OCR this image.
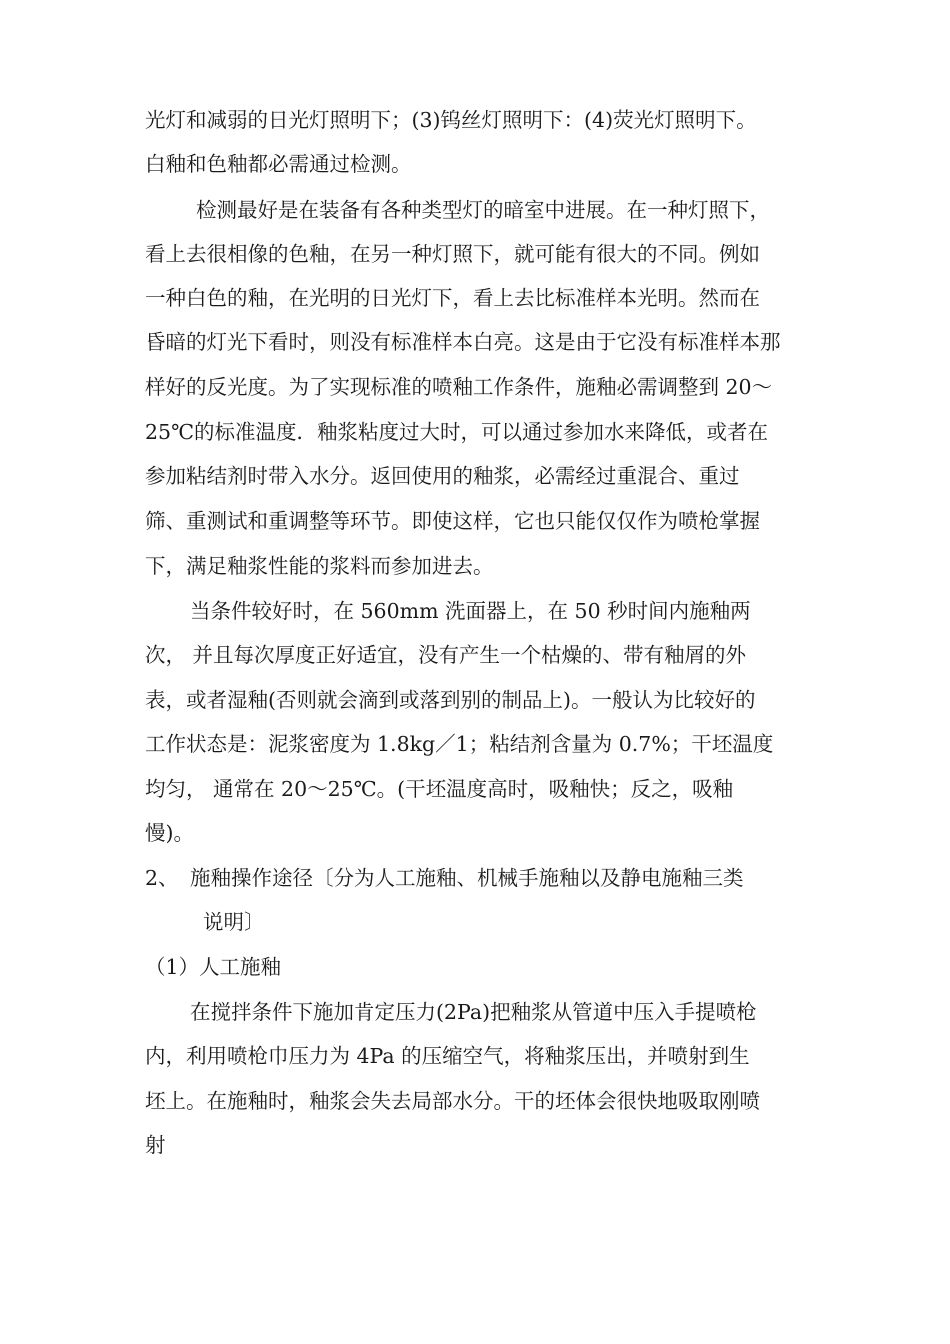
光灯和减弱的日光灯照明下；(3)钨丝灯照明下：(4)荧光灯照明下。
白釉和色釉都必需通过检测。
检测最好是在装备有各种类型灯的暗室中进展。在一种灯照下，
看上去很相像的色釉，在另一种灯照下，就可能有很大的不同。例如
一种白色的釉，在光明的日光灯下，看上去比标准样本光明。然而在
昏暗的灯光下看时，则没有标准样本白亮。这是由于它没有标准样本那
样好的反光度。为了实现标准的喷釉工作条件，施釉必需调整到 20～
25℃的标准温度．釉浆粘度过大时，可以通过参加水来降低，或者在
参加粘结剂时带入水分。返回使用的釉浆，必需经过重混合、重过
筛、重测试和重调整等环节。即使这样，它也只能仅仅作为喷枪掌握
下，满足釉浆性能的浆料而参加进去。
当条件较好时，在 560mm 洗面器上，在 50 秒时间内施釉两
次， 并且每次厚度正好适宜，没有产生一个枯燥的、带有釉屑的外
表，或者湿釉(否则就会滴到或落到别的制品上)。一般认为比较好的
工作状态是：泥浆密度为 1.8kg／1；粘结剂含量为 0.7%；干坯温度
均匀， 通常在 20～25℃。(干坯温度高时，吸釉快；反之，吸釉
慢)。
2、 施釉操作途径〔分为人工施釉、机械手施釉以及静电施釉三类
说明〕
（1）人工施釉
在搅拌条件下施加肯定压力(2Pa)把釉浆从管道中压入手提喷枪
内，利用喷枪巾压力为 4Pa 的压缩空气，将釉浆压出，并喷射到生
坯上。在施釉时，釉浆会失去局部水分。干的坯体会很快地吸取刚喷
射
